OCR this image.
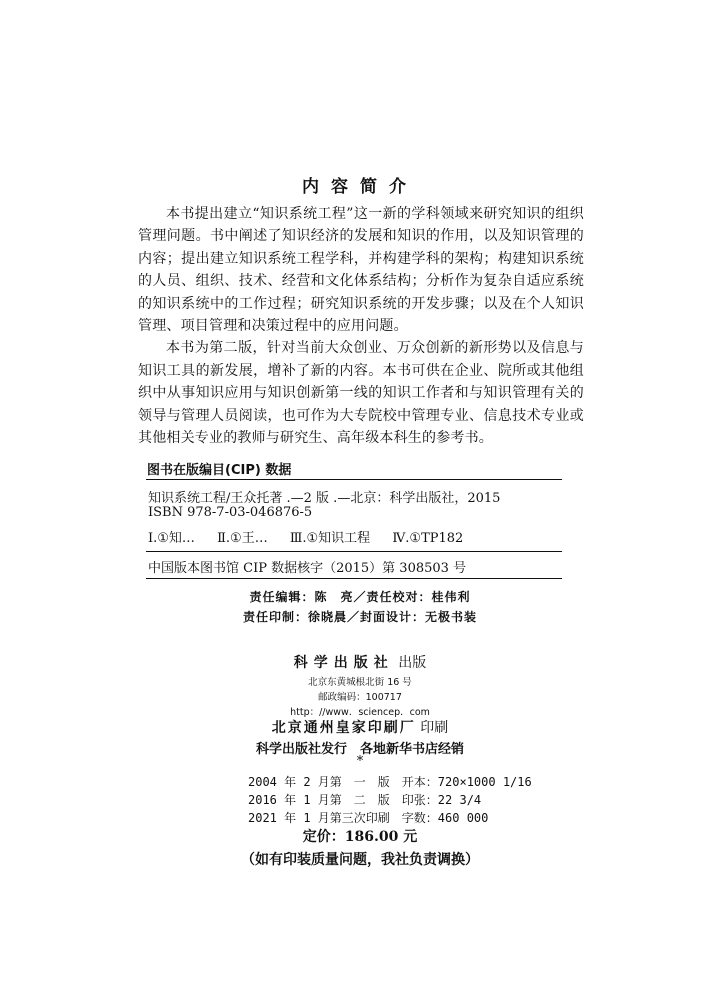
内容简介

本书提出建立“知识系统工程”这一新的学科领域来研究知识的组织管理问题。书中阐述了知识经济的发展和知识的作用，以及知识管理的内容；提出建立知识系统工程学科，并构建学科的架构；构建知识系统的人员、组织、技术、经营和文化体系结构；分析作为复杂自适应系统的知识系统中的工作过程；研究知识系统的开发步骤；以及在个人知识管理、项目管理和决策过程中的应用问题。

本书为第二版，针对当前大众创业、万众创新的新形势以及信息与知识工具的新发展，增补了新的内容。本书可供在企业、院所或其他组织中从事知识应用与知识创新第一线的知识工作者和与知识管理有关的领导与管理人员阅读，也可作为大专院校中管理专业、信息技术专业或其他相关专业的教师与研究生、高年级本科生的参考书。

图书在版编目(CIP) 数据
知识系统工程/王众托著 .—2 版 .—北京：科学出版社，2015
ISBN 978-7-03-046876-5
Ⅰ.①知… Ⅱ.①王… Ⅲ.①知识工程 Ⅳ.①TP182
中国版本图书馆 CIP 数据核字（2015）第 308503 号
责任编辑：陈　亮／责任校对：桂伟利
责任印制：徐晓晨／封面设计：无极书装
科学出版社 出版
北京东黄城根北街 16 号
邮政编码：100717
http：//www．sciencep．com
北京通州皇家印刷厂 印刷
科学出版社发行　各地新华书店经销
*
2004 年 2 月第　一　版　开本：720×1000 1/16
2016 年 1 月第　二　版　印张：22 3/4
2021 年 1 月第三次印刷　字数：460 000
定价：186.00 元
（如有印装质量问题，我社负责调换）
